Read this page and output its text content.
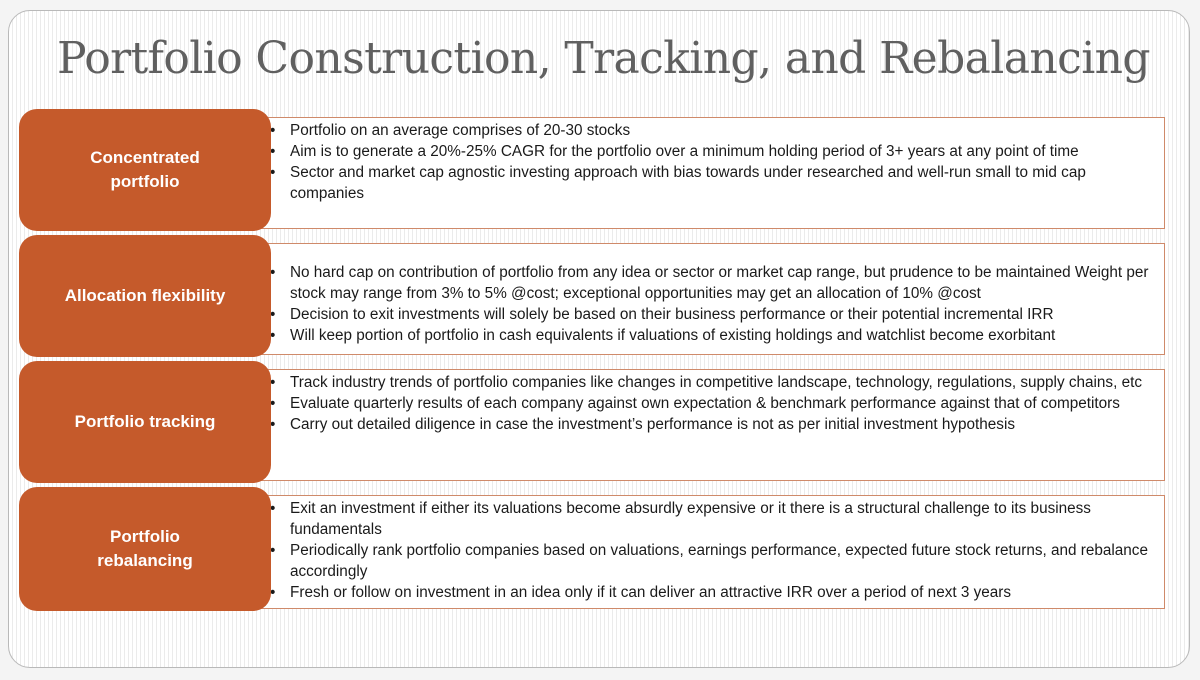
Portfolio Construction, Tracking, and Rebalancing
Concentrated portfolio
• Portfolio on an average comprises of 20-30 stocks
• Aim is to generate a 20%-25% CAGR for the portfolio over a minimum holding period of 3+ years at any point of time
• Sector and market cap agnostic investing approach with bias towards under researched and well-run small to mid cap companies
Allocation flexibility
• No hard cap on contribution of portfolio from any idea or sector or market cap range, but prudence to be maintained Weight per stock may range from 3% to 5% @cost; exceptional opportunities may get an allocation of 10% @cost
• Decision to exit investments will solely be based on their business performance or their potential incremental IRR
• Will keep portion of portfolio in cash equivalents if valuations of existing holdings and watchlist become exorbitant
Portfolio tracking
• Track industry trends of portfolio companies like changes in competitive landscape, technology, regulations, supply chains, etc
• Evaluate quarterly results of each company against own expectation & benchmark performance against that of competitors
• Carry out detailed diligence in case the investment’s performance is not as per initial investment hypothesis
Portfolio rebalancing
• Exit an investment if either its valuations become absurdly expensive or it there is a structural challenge to its business fundamentals
• Periodically rank portfolio companies based on valuations, earnings performance, expected future stock returns, and rebalance accordingly
• Fresh or follow on investment in an idea only if it can deliver an attractive IRR over a period of next 3 years
